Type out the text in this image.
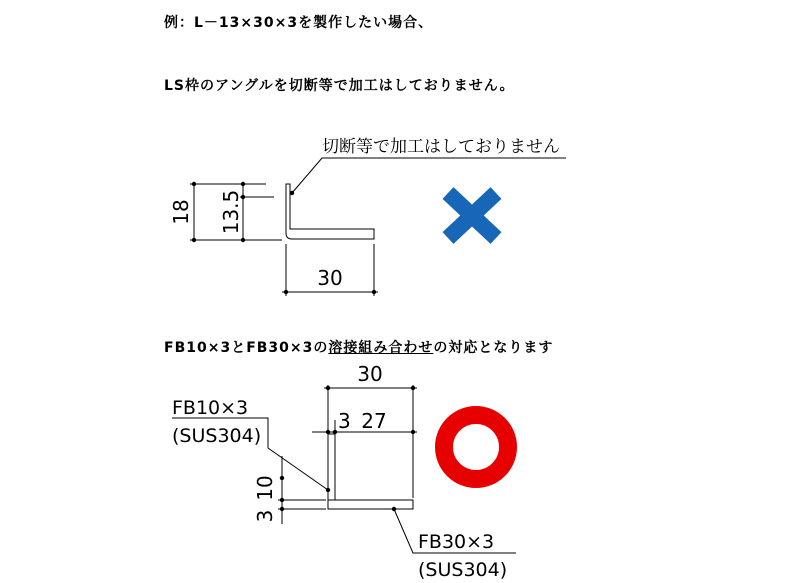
例：L－13×30×3を製作したい場合、
LS枠のアングルを切断等で加工はしておりません。
FB10×3とFB30×3の溶接組み合わせの対応となります
切断等で加工はしておりません
18 13.5
30
30
3 27
10
3
FB10×3
(SUS304)
FB30×3
(SUS304)
